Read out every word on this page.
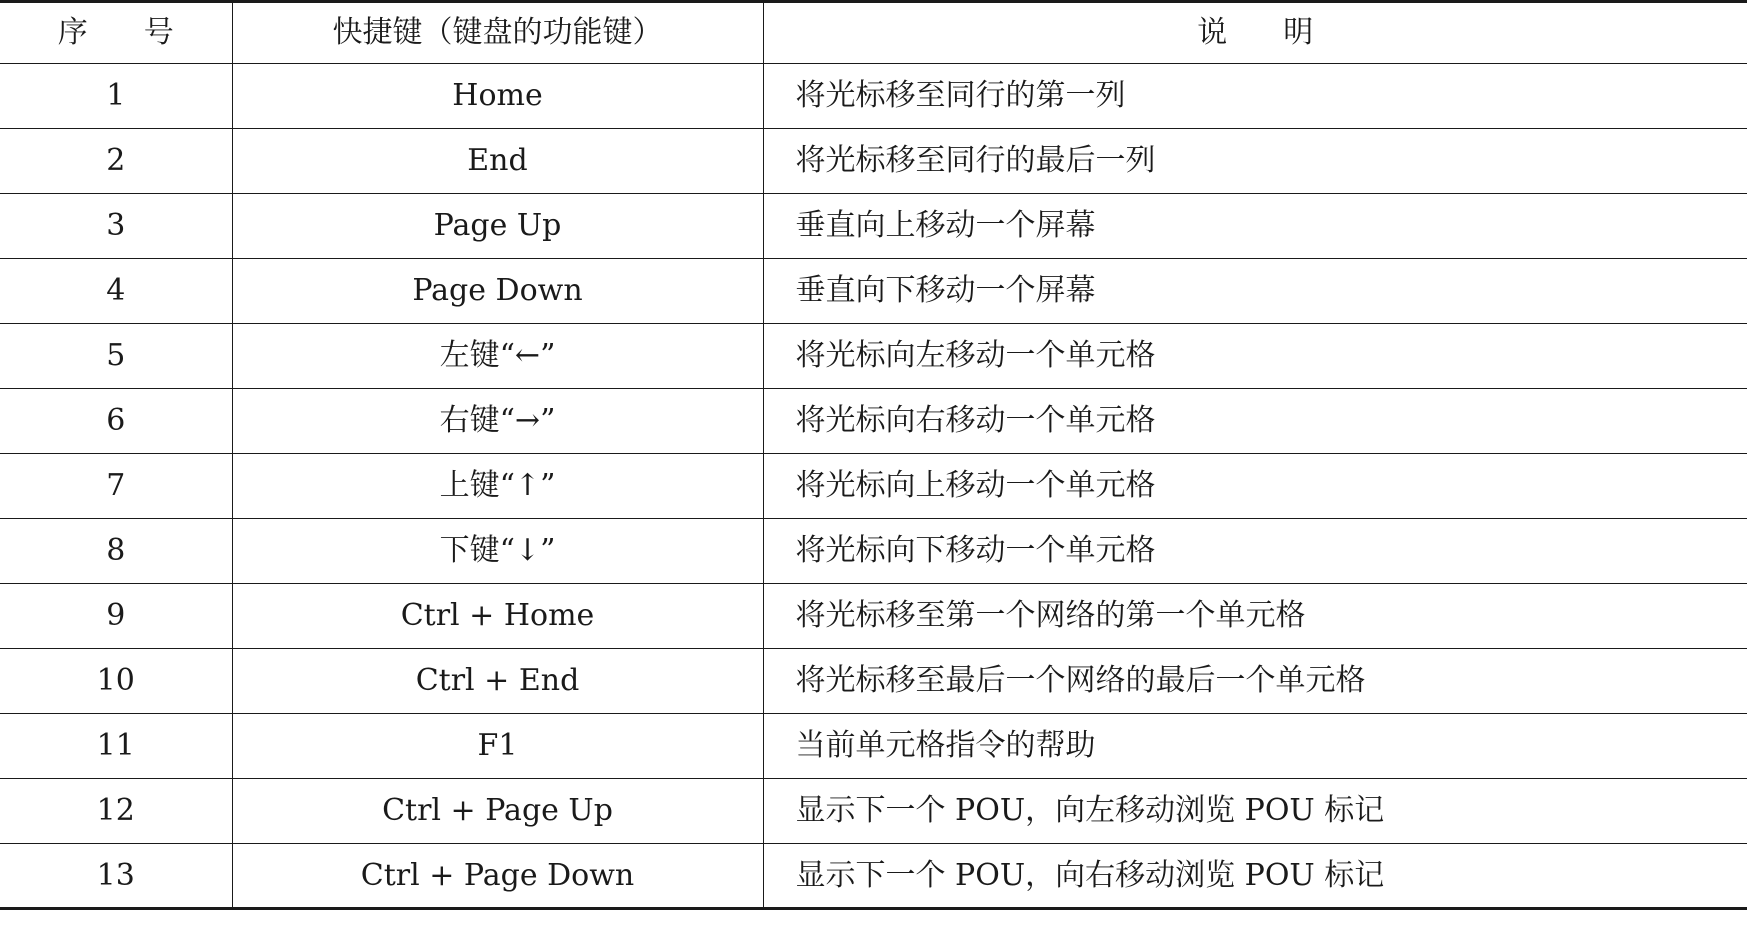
序 号	快捷键（键盘的功能键）	说 明
1	Home	将光标移至同行的第一列
2	End	将光标移至同行的最后一列
3	Page Up	垂直向上移动一个屏幕
4	Page Down	垂直向下移动一个屏幕
5	左键“←”	将光标向左移动一个单元格
6	右键“→”	将光标向右移动一个单元格
7	上键“↑”	将光标向上移动一个单元格
8	下键“↓”	将光标向下移动一个单元格
9	Ctrl + Home	将光标移至第一个网络的第一个单元格
10	Ctrl + End	将光标移至最后一个网络的最后一个单元格
11	F1	当前单元格指令的帮助
12	Ctrl + Page Up	显示下一个 POU，向左移动浏览 POU 标记
13	Ctrl + Page Down	显示下一个 POU，向右移动浏览 POU 标记
